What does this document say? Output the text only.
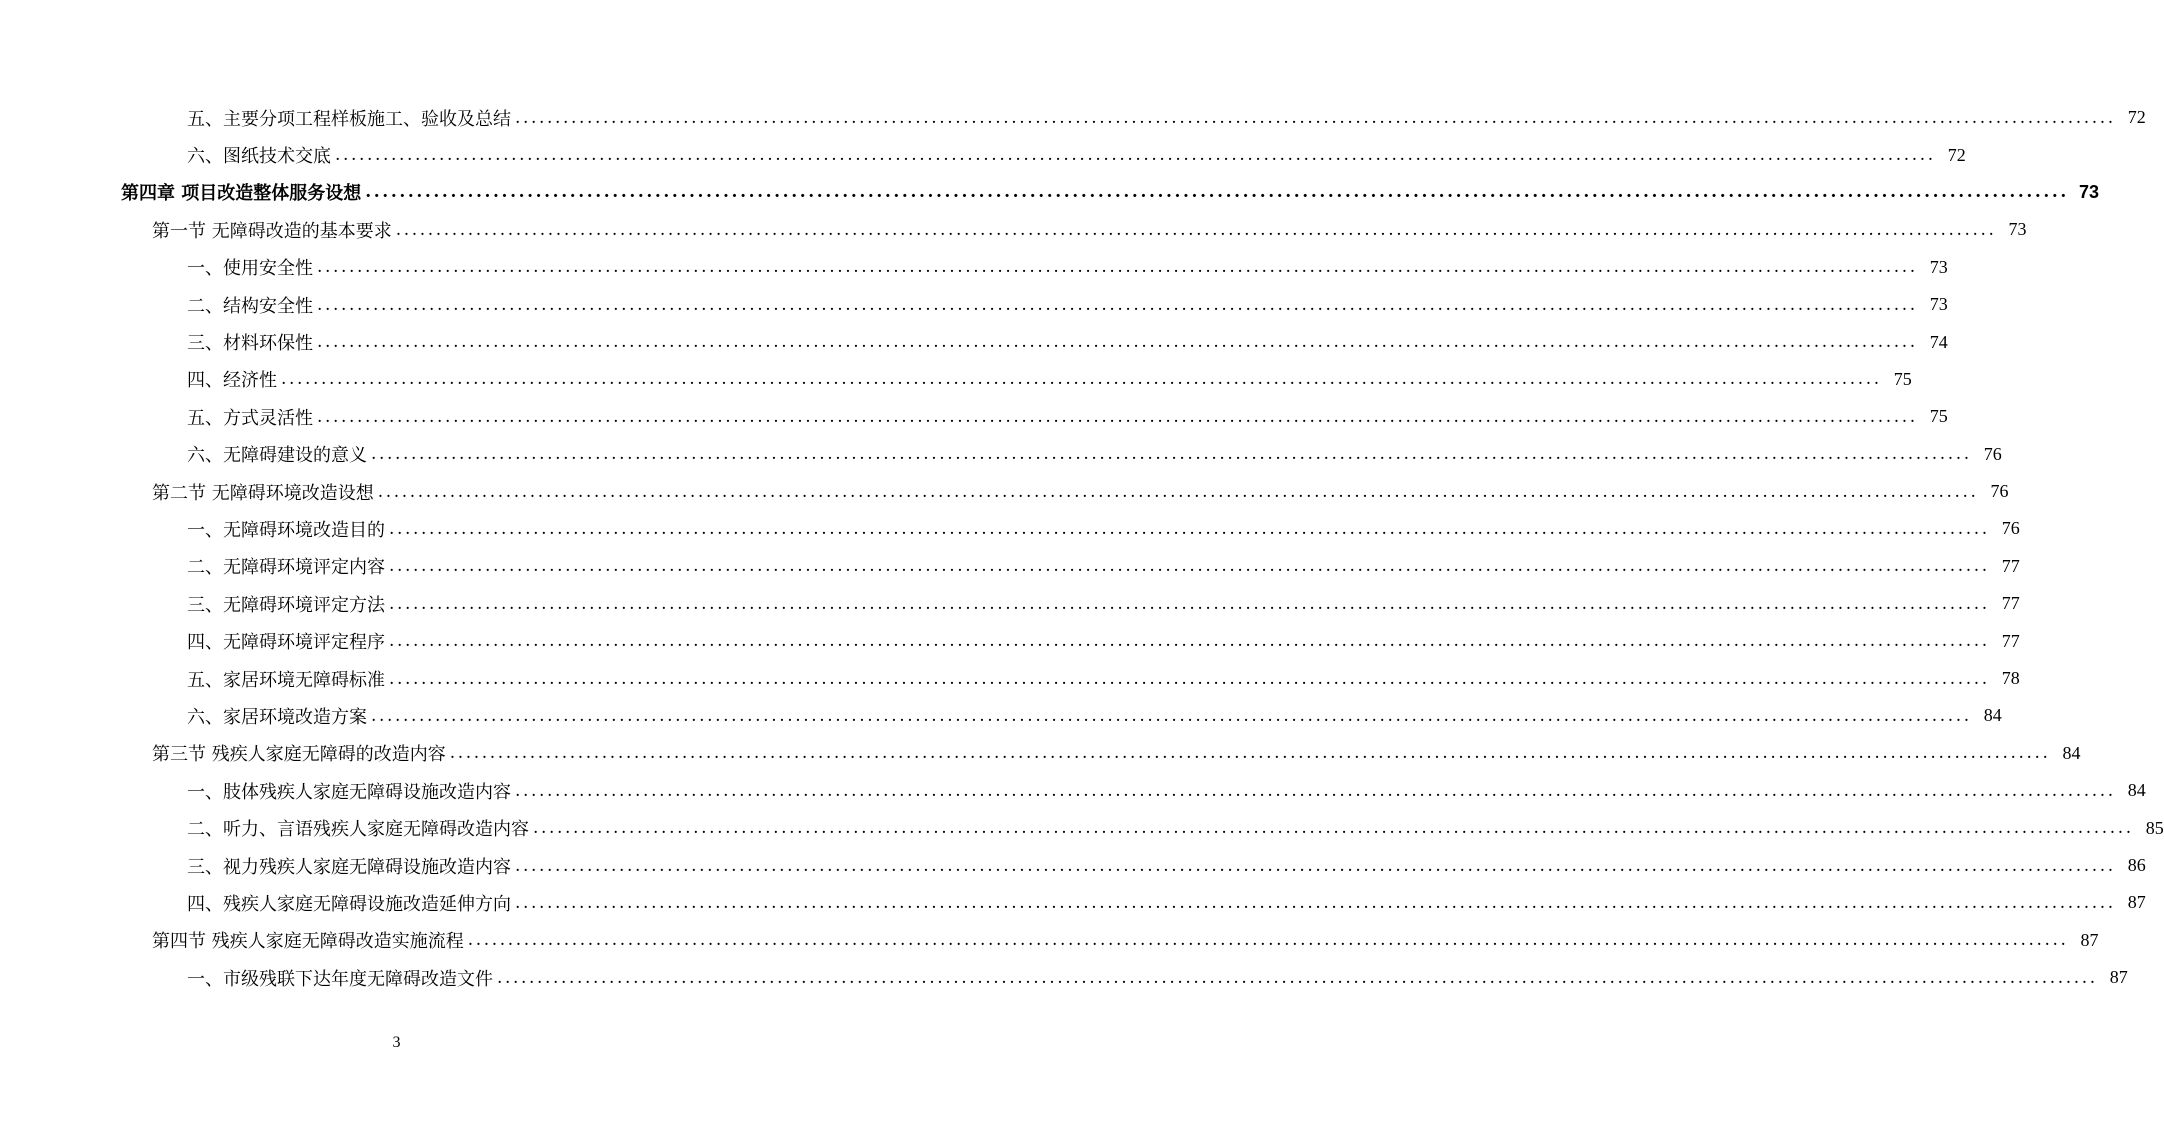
五、主要分项工程样板施工、验收及总结 ........................................................................................................................................................................................................ 72
六、图纸技术交底 ........................................................................................................................................................................................................ 72
第四章 项目改造整体服务设想 ........................................................................................................................................................................................................ 73
第一节 无障碍改造的基本要求 ........................................................................................................................................................................................................ 73
一、使用安全性 ........................................................................................................................................................................................................ 73
二、结构安全性 ........................................................................................................................................................................................................ 73
三、材料环保性 ........................................................................................................................................................................................................ 74
四、经济性 ........................................................................................................................................................................................................ 75
五、方式灵活性 ........................................................................................................................................................................................................ 75
六、无障碍建设的意义 ........................................................................................................................................................................................................ 76
第二节 无障碍环境改造设想 ........................................................................................................................................................................................................ 76
一、无障碍环境改造目的 ........................................................................................................................................................................................................ 76
二、无障碍环境评定内容 ........................................................................................................................................................................................................ 77
三、无障碍环境评定方法 ........................................................................................................................................................................................................ 77
四、无障碍环境评定程序 ........................................................................................................................................................................................................ 77
五、家居环境无障碍标准 ........................................................................................................................................................................................................ 78
六、家居环境改造方案 ........................................................................................................................................................................................................ 84
第三节 残疾人家庭无障碍的改造内容 ........................................................................................................................................................................................................ 84
一、肢体残疾人家庭无障碍设施改造内容 ........................................................................................................................................................................................................ 84
二、听力、言语残疾人家庭无障碍改造内容 ........................................................................................................................................................................................................ 85
三、视力残疾人家庭无障碍设施改造内容 ........................................................................................................................................................................................................ 86
四、残疾人家庭无障碍设施改造延伸方向 ........................................................................................................................................................................................................ 87
第四节 残疾人家庭无障碍改造实施流程 ........................................................................................................................................................................................................ 87
一、市级残联下达年度无障碍改造文件 ........................................................................................................................................................................................................ 87
3
